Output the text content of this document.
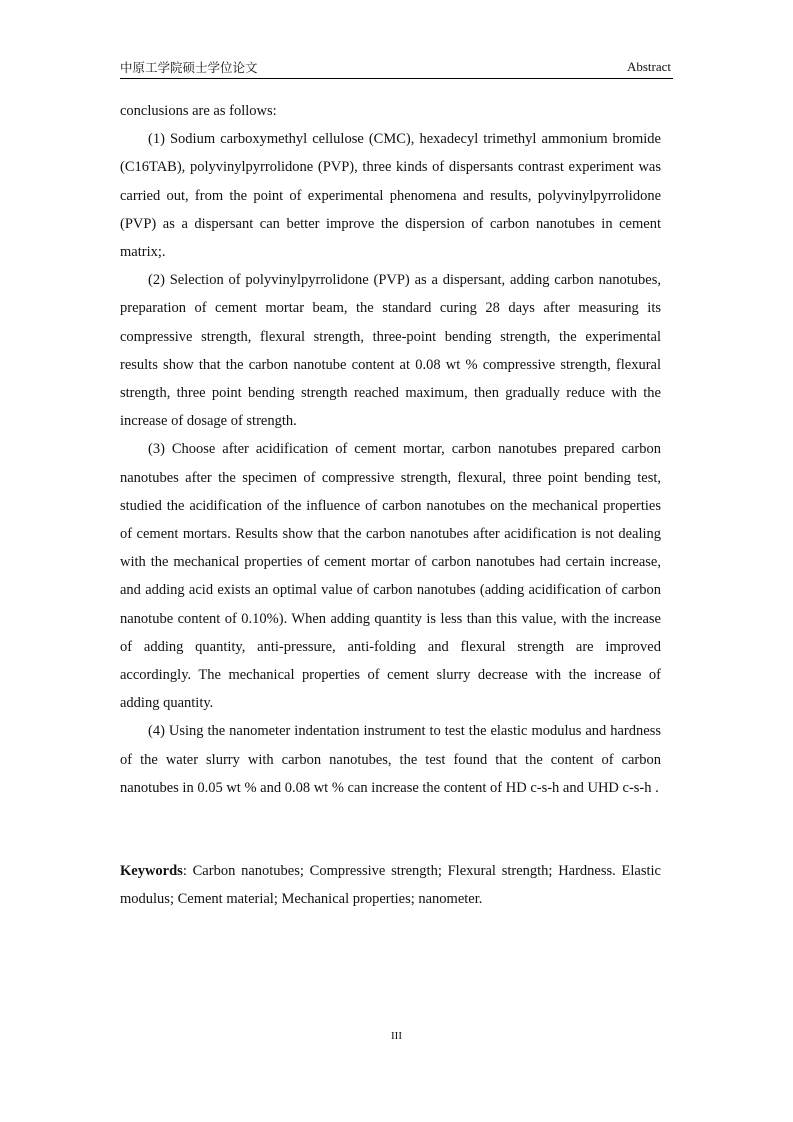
中原工学院硕士学位论文	Abstract

conclusions are as follows:

(1) Sodium carboxymethyl cellulose (CMC), hexadecyl trimethyl ammonium bromide (C16TAB), polyvinylpyrrolidone (PVP), three kinds of dispersants contrast experiment was carried out, from the point of experimental phenomena and results, polyvinylpyrrolidone (PVP) as a dispersant can better improve the dispersion of carbon nanotubes in cement matrix;.

(2) Selection of polyvinylpyrrolidone (PVP) as a dispersant, adding carbon nanotubes, preparation of cement mortar beam, the standard curing 28 days after measuring its compressive strength, flexural strength, three-point bending strength, the experimental results show that the carbon nanotube content at 0.08 wt % compressive strength, flexural strength, three point bending strength reached maximum, then gradually reduce with the increase of dosage of strength.

(3) Choose after acidification of cement mortar, carbon nanotubes prepared carbon nanotubes after the specimen of compressive strength, flexural, three point bending test, studied the acidification of the influence of carbon nanotubes on the mechanical properties of cement mortars. Results show that the carbon nanotubes after acidification is not dealing with the mechanical properties of cement mortar of carbon nanotubes had certain increase, and adding acid exists an optimal value of carbon nanotubes (adding acidification of carbon nanotube content of 0.10%). When adding quantity is less than this value, with the increase of adding quantity, anti-pressure, anti-folding and flexural strength are improved accordingly. The mechanical properties of cement slurry decrease with the increase of adding quantity.

(4) Using the nanometer indentation instrument to test the elastic modulus and hardness of the water slurry with carbon nanotubes, the test found that the content of carbon nanotubes in 0.05 wt % and 0.08 wt % can increase the content of HD c-s-h and UHD c-s-h .

Keywords: Carbon nanotubes; Compressive strength; Flexural strength; Hardness. Elastic modulus; Cement material; Mechanical properties; nanometer.
III
